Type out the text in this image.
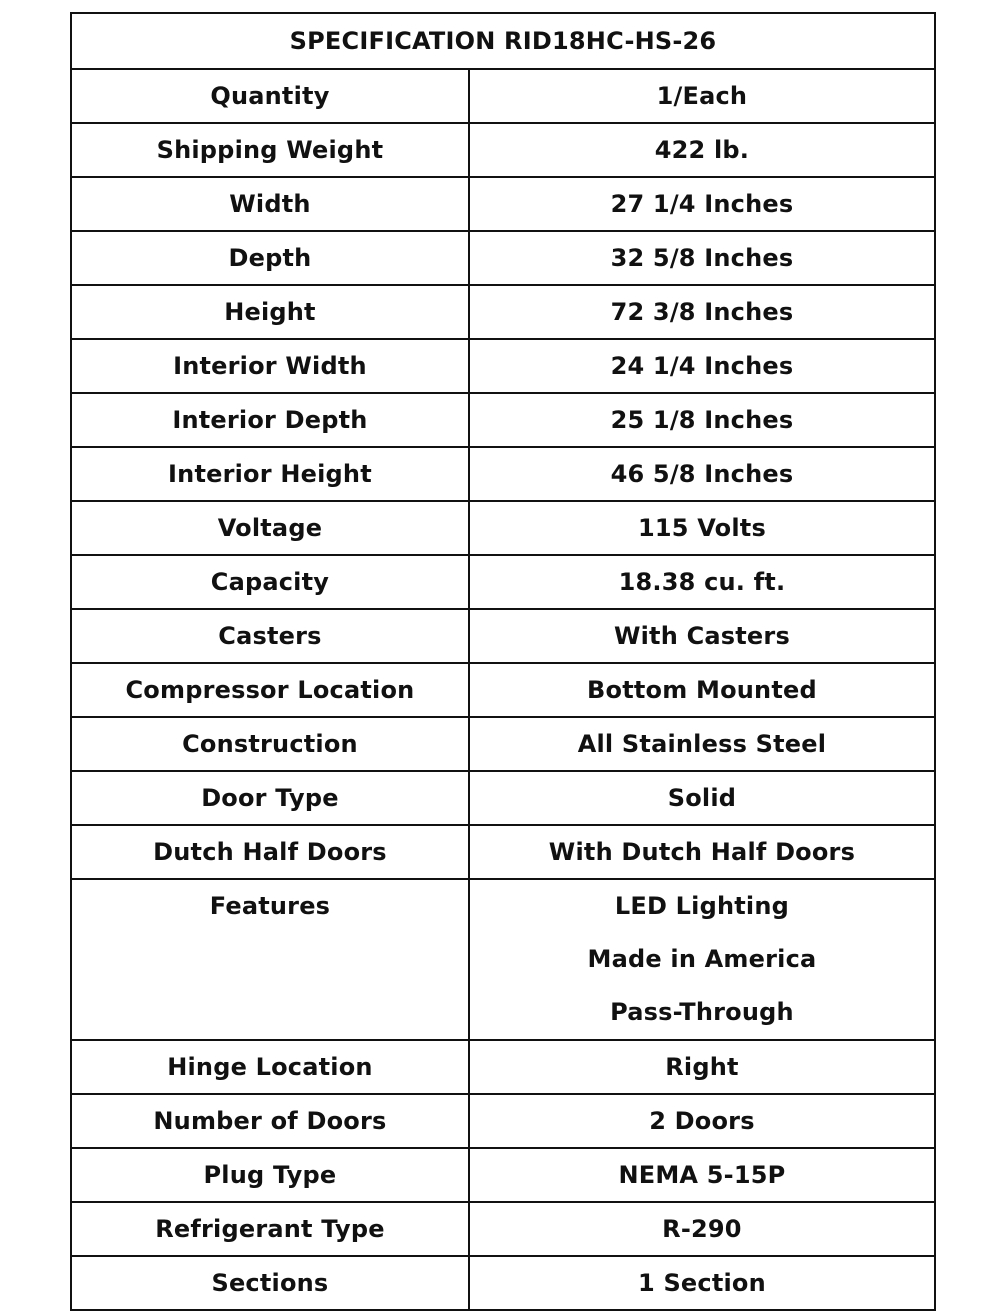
SPECIFICATION RID18HC-HS-26	
Quantity	1/Each
Shipping Weight	422 lb.
Width	27 1/4 Inches
Depth	32 5/8 Inches
Height	72 3/8 Inches
Interior Width	24 1/4 Inches
Interior Depth	25 1/8 Inches
Interior Height	46 5/8 Inches
Voltage	115 Volts
Capacity	18.38 cu. ft.
Casters	With Casters
Compressor Location	Bottom Mounted
Construction	All Stainless Steel
Door Type	Solid
Dutch Half Doors	With Dutch Half Doors
Features	LED Lighting
Made in America
Pass-Through

Hinge Location	Right
Number of Doors	2 Doors
Plug Type	NEMA 5-15P
Refrigerant Type	R-290
Sections	1 Section
